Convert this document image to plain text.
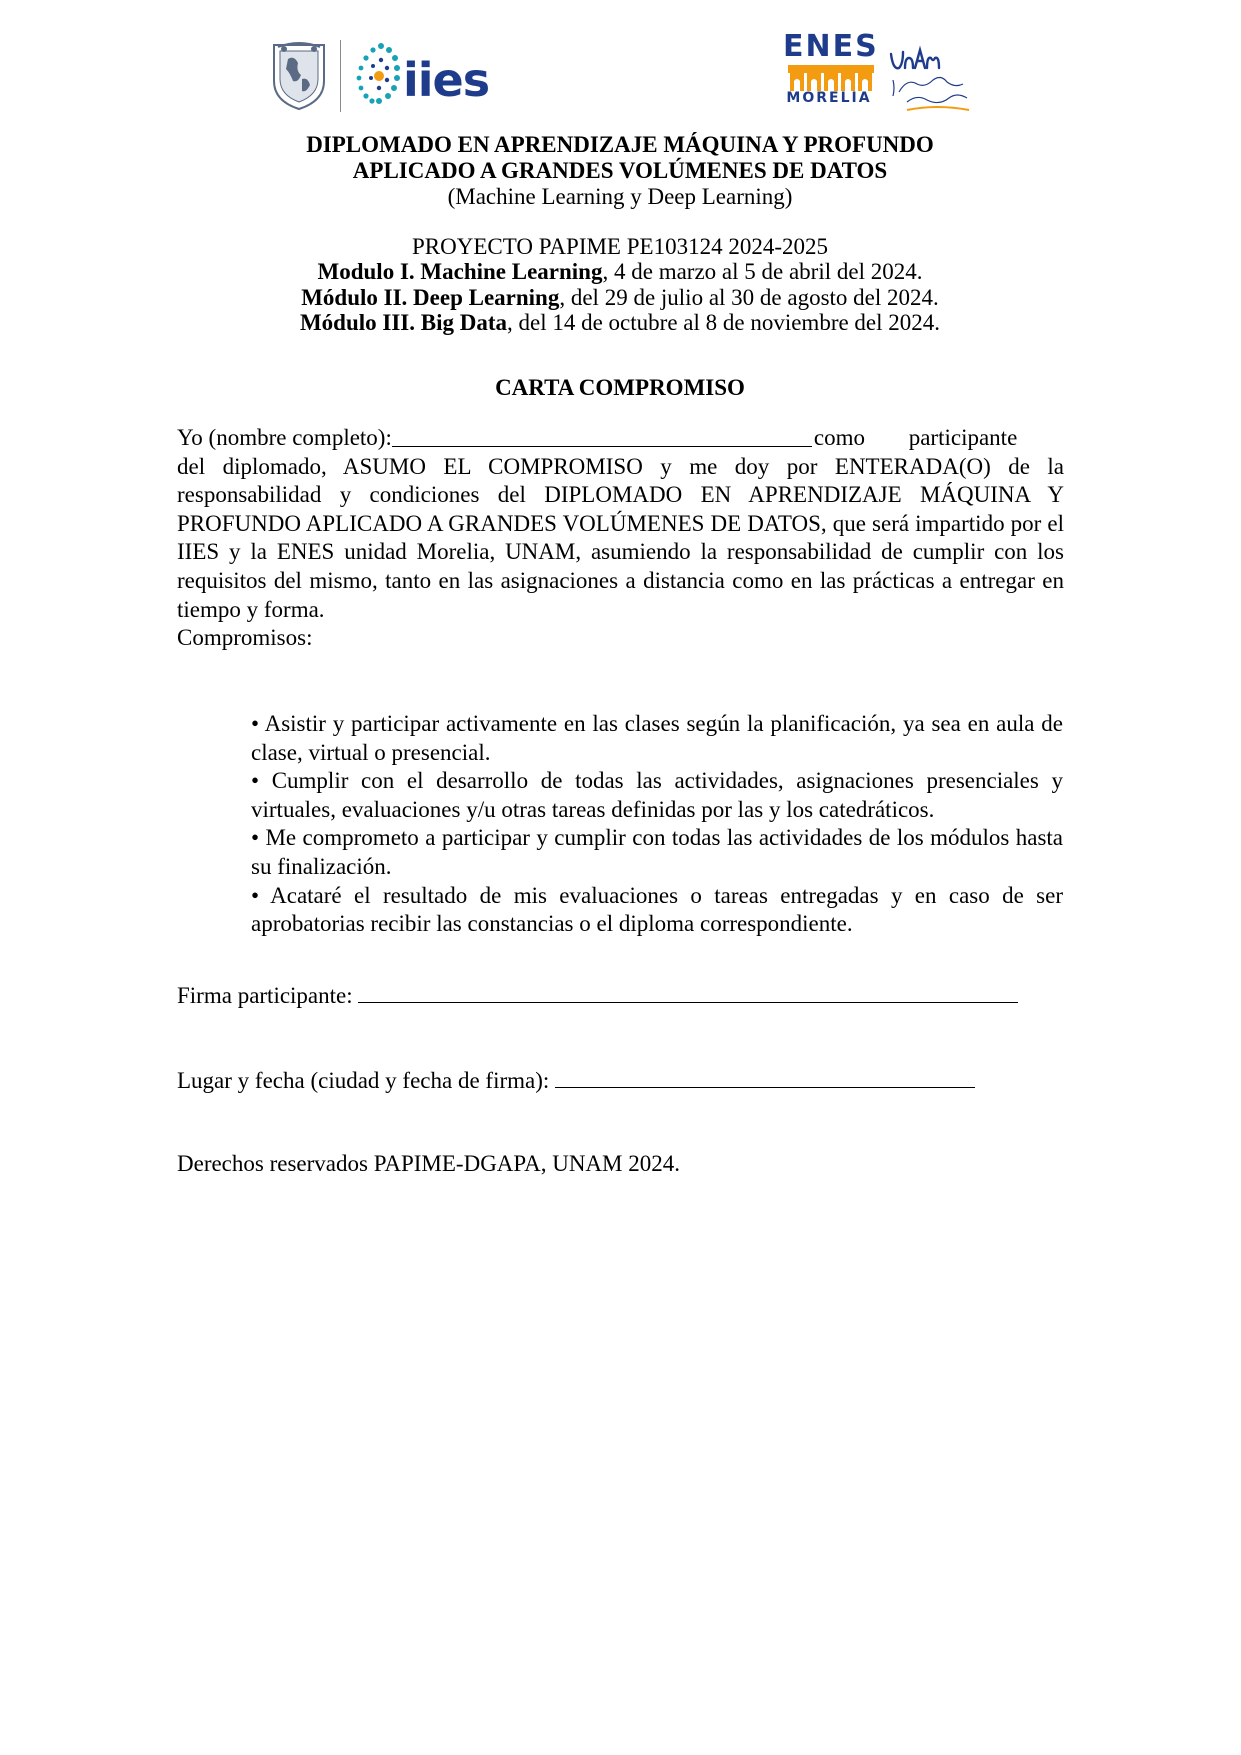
iies
ENES
MORELIA
DIPLOMADO EN APRENDIZAJE MÁQUINA Y PROFUNDO
APLICADO A GRANDES VOLÚMENES DE DATOS
(Machine Learning y Deep Learning)
PROYECTO PAPIME PE103124 2024-2025
Modulo I. Machine Learning, 4 de marzo al 5 de abril del 2024.
Módulo II. Deep Learning, del 29 de julio al 30 de agosto del 2024.
Módulo III. Big Data, del 14 de octubre al 8 de noviembre del 2024.
CARTA COMPROMISO
Yo (nombre completo):	como participante
del diplomado, ASUMO EL COMPROMISO y me doy por ENTERADA(O) de la responsabilidad y condiciones del DIPLOMADO EN APRENDIZAJE MÁQUINA Y PROFUNDO APLICADO A GRANDES VOLÚMENES DE DATOS, que será impartido por el IIES y la ENES unidad Morelia, UNAM, asumiendo la responsabilidad de cumplir con los requisitos del mismo, tanto en las asignaciones a distancia como en las prácticas a entregar en tiempo y forma.
Compromisos:
• Asistir y participar activamente en las clases según la planificación, ya sea en aula de clase, virtual o presencial.
• Cumplir con el desarrollo de todas las actividades, asignaciones presenciales y virtuales, evaluaciones y/u otras tareas definidas por las y los catedráticos.
• Me comprometo a participar y cumplir con todas las actividades de los módulos hasta su finalización.
• Acataré el resultado de mis evaluaciones o tareas entregadas y en caso de ser aprobatorias recibir las constancias o el diploma correspondiente.
Firma participante:
Lugar y fecha (ciudad y fecha de firma):
Derechos reservados PAPIME-DGAPA, UNAM 2024.
